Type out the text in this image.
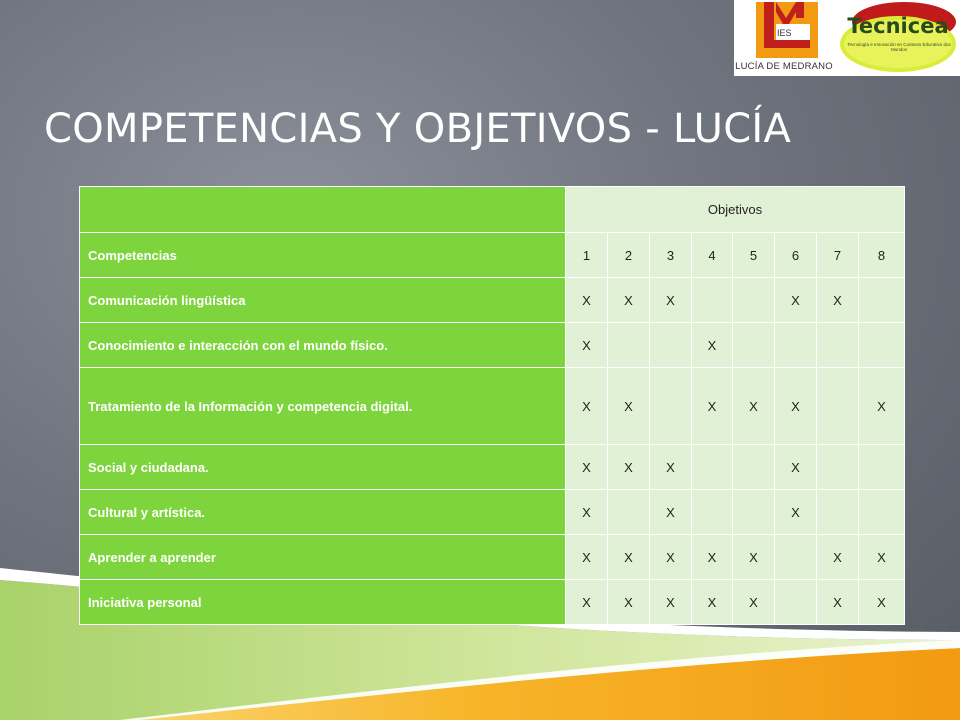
IES
LUCÍA DE MEDRANO
Tecnicea
Tecnología e Innovación en Contexto Educativo dos Mundos
COMPETENCIAS Y OBJETIVOS - LUCÍA
	Objetivos							
Competencias	1	2	3	4	5	6	7	8
Comunicación lingüística	X	X	X			X	X	
Conocimiento e interacción con el mundo físico.	X			X				
Tratamiento de la Información y competencia digital.	X	X		X	X	X		X
Social y ciudadana.	X	X	X			X		
Cultural y artística.	X		X			X		
Aprender a aprender	X	X	X	X	X		X	X
Iniciativa personal	X	X	X	X	X		X	X
